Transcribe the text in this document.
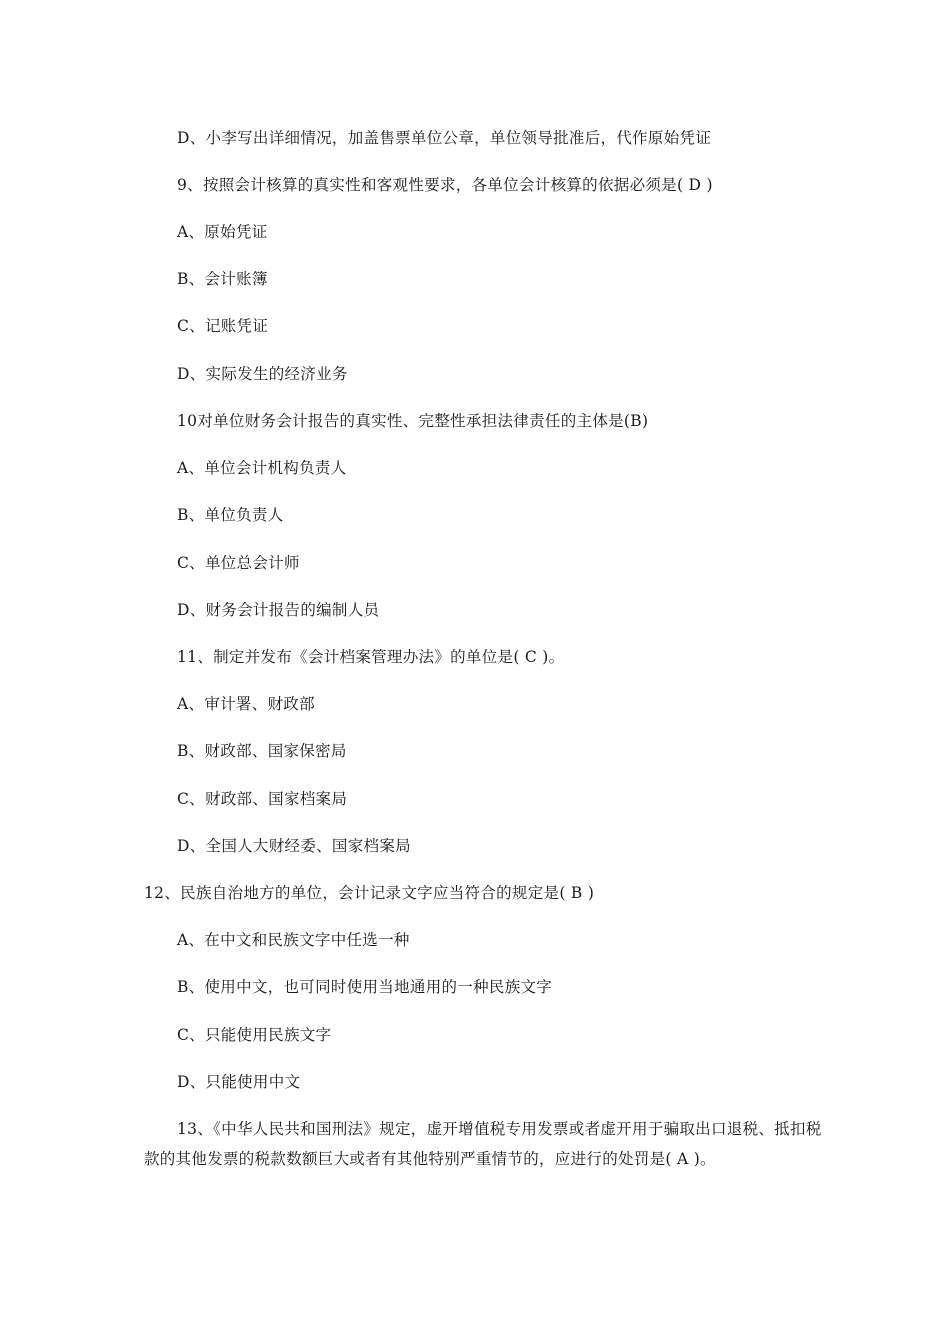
D、小李写出详细情况，加盖售票单位公章，单位领导批准后，代作原始凭证
9、按照会计核算的真实性和客观性要求，各单位会计核算的依据必须是( D )
A、原始凭证
B、会计账簿
C、记账凭证
D、实际发生的经济业务
10对单位财务会计报告的真实性、完整性承担法律责任的主体是(B)
A、单位会计机构负责人
B、单位负责人
C、单位总会计师
D、财务会计报告的编制人员
11、制定并发布《会计档案管理办法》的单位是( C )。
A、审计署、财政部
B、财政部、国家保密局
C、财政部、国家档案局
D、全国人大财经委、国家档案局
12、民族自治地方的单位，会计记录文字应当符合的规定是( B )
A、在中文和民族文字中任选一种
B、使用中文，也可同时使用当地通用的一种民族文字
C、只能使用民族文字
D、只能使用中文
13、《中华人民共和国刑法》规定，虚开增值税专用发票或者虚开用于骗取出口退税、抵扣税款的其他发票的税款数额巨大或者有其他特别严重情节的，应进行的处罚是( A )。
